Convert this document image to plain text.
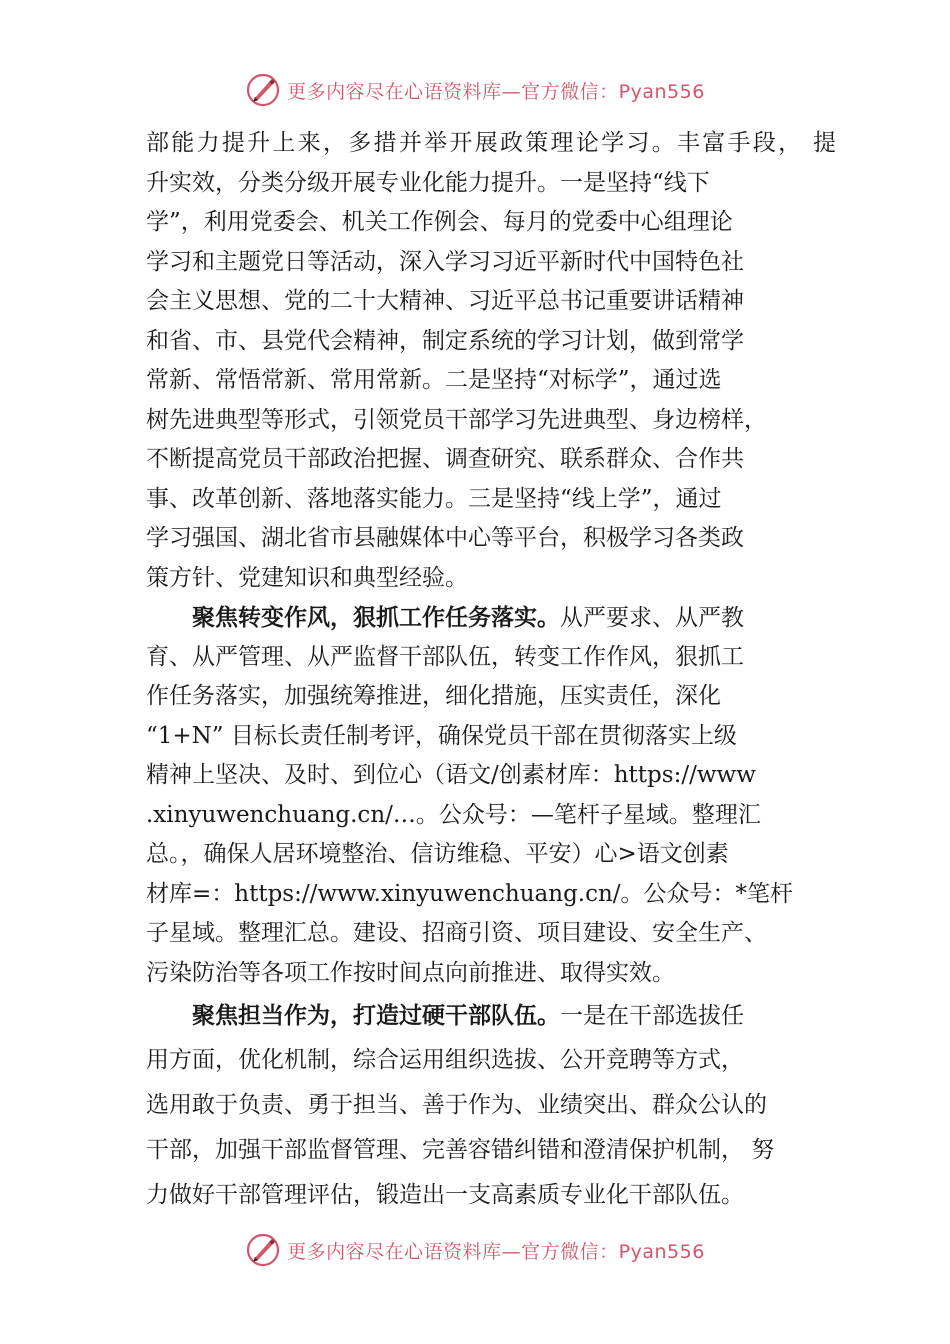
更多内容尽在心语资料库—官方微信：Pyan556
部能力提升上来，多措并举开展政策理论学习。丰富手段， 提
升实效，分类分级开展专业化能力提升。一是坚持“线下
学”，利用党委会、机关工作例会、每月的党委中心组理论
学习和主题党日等活动，深入学习习近平新时代中国特色社
会主义思想、党的二十大精神、习近平总书记重要讲话精神
和省、市、县党代会精神，制定系统的学习计划，做到常学
常新、常悟常新、常用常新。二是坚持“对标学”，通过选
树先进典型等形式，引领党员干部学习先进典型、身边榜样，
不断提高党员干部政治把握、调查研究、联系群众、合作共
事、改革创新、落地落实能力。三是坚持“线上学”，通过
学习强国、湖北省市县融媒体中心等平台，积极学习各类政
策方针、党建知识和典型经验。
聚焦转变作风，狠抓工作任务落实。从严要求、从严教
育、从严管理、从严监督干部队伍，转变工作作风，狠抓工
作任务落实，加强统筹推进，细化措施，压实责任，深化
“1+N” 目标长责任制考评，确保党员干部在贯彻落实上级
精神上坚决、及时、到位心（语文/创素材库：https://www
.xinyuwenchuang.cn/…。公众号：—笔杆子星域。整理汇
总。，确保人居环境整治、信访维稳、平安）心>语文创素
材库=：https://www.xinyuwenchuang.cn/。公众号：*笔杆
子星域。整理汇总。建设、招商引资、项目建设、安全生产、
污染防治等各项工作按时间点向前推进、取得实效。
聚焦担当作为，打造过硬干部队伍。一是在干部选拔任
用方面，优化机制，综合运用组织选拔、公开竞聘等方式，
选用敢于负责、勇于担当、善于作为、业绩突出、群众公认的
干部，加强干部监督管理、完善容错纠错和澄清保护机制， 努
力做好干部管理评估，锻造出一支高素质专业化干部队伍。
更多内容尽在心语资料库—官方微信：Pyan556
